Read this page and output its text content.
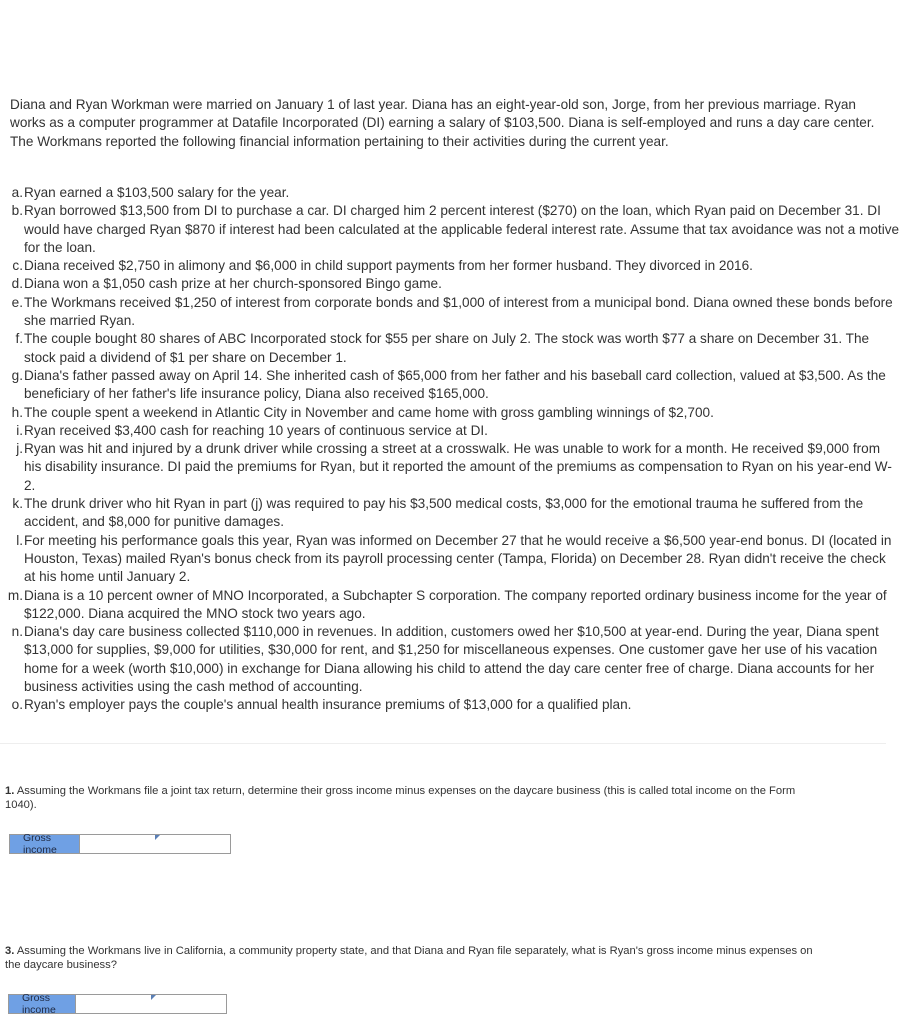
Diana and Ryan Workman were married on January 1 of last year. Diana has an eight-year-old son, Jorge, from her previous marriage. Ryan works as a computer programmer at Datafile Incorporated (DI) earning a salary of $103,500. Diana is self-employed and runs a day care center. The Workmans reported the following financial information pertaining to their activities during the current year.

a. Ryan earned a $103,500 salary for the year.
b. Ryan borrowed $13,500 from DI to purchase a car. DI charged him 2 percent interest ($270) on the loan, which Ryan paid on December 31. DI would have charged Ryan $870 if interest had been calculated at the applicable federal interest rate. Assume that tax avoidance was not a motive for the loan.
c. Diana received $2,750 in alimony and $6,000 in child support payments from her former husband. They divorced in 2016.
d. Diana won a $1,050 cash prize at her church-sponsored Bingo game.
e. The Workmans received $1,250 of interest from corporate bonds and $1,000 of interest from a municipal bond. Diana owned these bonds before she married Ryan.
f. The couple bought 80 shares of ABC Incorporated stock for $55 per share on July 2. The stock was worth $77 a share on December 31. The stock paid a dividend of $1 per share on December 1.
g. Diana's father passed away on April 14. She inherited cash of $65,000 from her father and his baseball card collection, valued at $3,500. As the beneficiary of her father's life insurance policy, Diana also received $165,000.
h. The couple spent a weekend in Atlantic City in November and came home with gross gambling winnings of $2,700.
i. Ryan received $3,400 cash for reaching 10 years of continuous service at DI.
j. Ryan was hit and injured by a drunk driver while crossing a street at a crosswalk. He was unable to work for a month. He received $9,000 from his disability insurance. DI paid the premiums for Ryan, but it reported the amount of the premiums as compensation to Ryan on his year-end W-2.
k. The drunk driver who hit Ryan in part (j) was required to pay his $3,500 medical costs, $3,000 for the emotional trauma he suffered from the accident, and $8,000 for punitive damages.
l. For meeting his performance goals this year, Ryan was informed on December 27 that he would receive a $6,500 year-end bonus. DI (located in Houston, Texas) mailed Ryan's bonus check from its payroll processing center (Tampa, Florida) on December 28. Ryan didn't receive the check at his home until January 2.
m. Diana is a 10 percent owner of MNO Incorporated, a Subchapter S corporation. The company reported ordinary business income for the year of $122,000. Diana acquired the MNO stock two years ago.
n. Diana's day care business collected $110,000 in revenues. In addition, customers owed her $10,500 at year-end. During the year, Diana spent $13,000 for supplies, $9,000 for utilities, $30,000 for rent, and $1,250 for miscellaneous expenses. One customer gave her use of his vacation home for a week (worth $10,000) in exchange for Diana allowing his child to attend the day care center free of charge. Diana accounts for her business activities using the cash method of accounting.
o. Ryan's employer pays the couple's annual health insurance premiums of $13,000 for a qualified plan.

1. Assuming the Workmans file a joint tax return, determine their gross income minus expenses on the daycare business (this is called total income on the Form 1040).

Gross income

3. Assuming the Workmans live in California, a community property state, and that Diana and Ryan file separately, what is Ryan's gross income minus expenses on the daycare business?

Gross income
